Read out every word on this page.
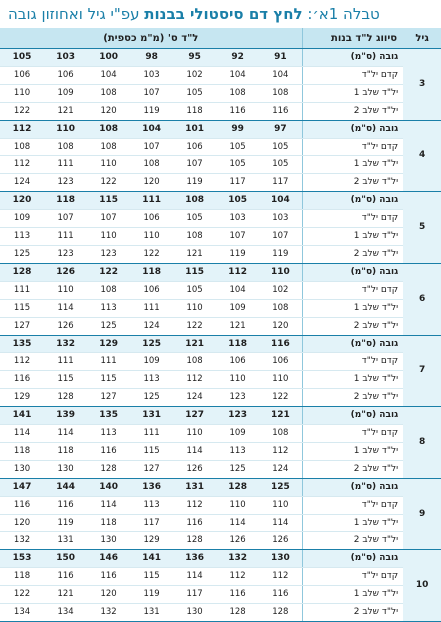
טבלה 1א׳: לחץ דם סיסטולי בבנות עפ"י גיל ואחוזון גובה
גיל	סיווג ל"ד בנות	ל"ד ס' (מ"מ כספית)						
3	גובה (ס"מ)	91	92	95	98	100	103	105
	קדם יל"ד	104	104	102	103	104	106	106
	יל"ד שלב 1	108	108	105	107	108	109	110
	יל"ד שלב 2	116	116	118	119	120	121	122
4	גובה (ס"מ)	97	99	101	104	108	110	112
	קדם יל"ד	105	105	106	107	108	108	108
	יל"ד שלב 1	105	105	107	108	110	111	112
	יל"ד שלב 2	117	117	119	120	122	123	124
5	גובה (ס"מ)	104	105	108	111	115	118	120
	קדם יל"ד	103	103	105	106	107	107	109
	יל"ד שלב 1	107	107	108	110	110	111	113
	יל"ד שלב 2	119	119	121	122	123	123	125
6	גובה (ס"מ)	110	112	115	118	122	126	128
	קדם יל"ד	102	104	105	106	108	110	111
	יל"ד שלב 1	108	109	110	111	113	114	115
	יל"ד שלב 2	120	121	122	124	125	126	127
7	גובה (ס"מ)	116	118	121	125	129	132	135
	קדם יל"ד	106	106	108	109	111	111	112
	יל"ד שלב 1	110	110	112	113	115	115	116
	יל"ד שלב 2	122	123	124	125	127	128	129
8	גובה (ס"מ)	121	123	127	131	135	139	141
	קדם יל"ד	108	109	110	111	113	114	114
	יל"ד שלב 1	112	113	114	115	116	118	118
	יל"ד שלב 2	124	125	126	127	128	130	130
9	גובה (ס"מ)	125	128	131	136	140	144	147
	קדם יל"ד	110	110	112	113	114	116	116
	יל"ד שלב 1	114	114	116	117	118	119	120
	יל"ד שלב 2	126	126	128	129	130	131	132
10	גובה (ס"מ)	130	132	136	141	146	150	153
	קדם יל"ד	112	112	114	115	116	116	118
	יל"ד שלב 1	116	116	117	119	120	121	122
	יל"ד שלב 2	128	128	130	131	132	134	134
